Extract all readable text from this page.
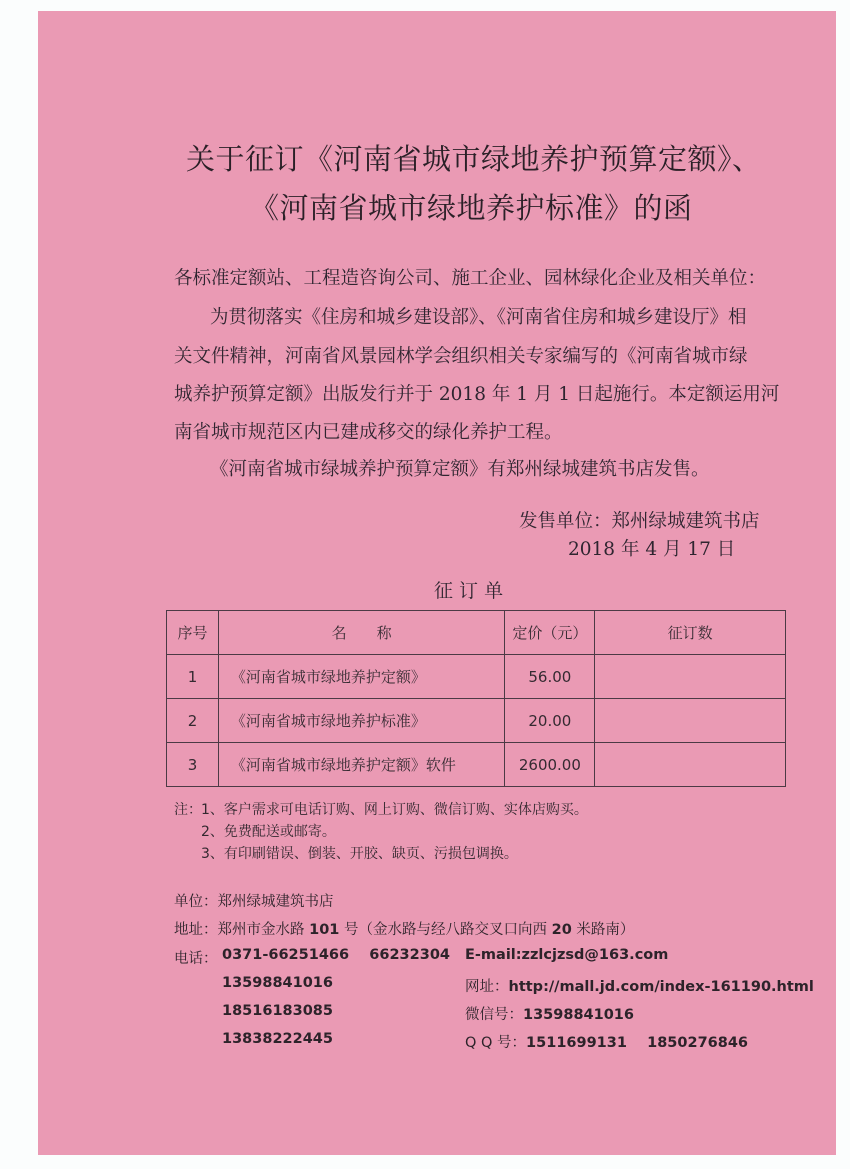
关于征订《河南省城市绿地养护预算定额》、
《河南省城市绿地养护标准》的函
各标准定额站、工程造咨询公司、施工企业、园林绿化企业及相关单位：
为贯彻落实《住房和城乡建设部》、《河南省住房和城乡建设厅》相
关文件精神，河南省风景园林学会组织相关专家编写的《河南省城市绿
城养护预算定额》出版发行并于 2018 年 1 月 1 日起施行。本定额运用河
南省城市规范区内已建成移交的绿化养护工程。
《河南省城市绿城养护预算定额》有郑州绿城建筑书店发售。
发售单位：郑州绿城建筑书店
2018 年 4 月 17 日
征 订 单
序号	名　　称	定价（元）	征订数
1	《河南省城市绿地养护定额》	56.00	
2	《河南省城市绿地养护标准》	20.00	
3	《河南省城市绿地养护定额》软件	2600.00	
注： 1、客户需求可电话订购、网上订购、微信订购、实体店购买。
2、免费配送或邮寄。
3、有印刷错误、倒装、开胶、缺页、污损包调换。
单位：郑州绿城建筑书店
地址：郑州市金水路 101 号（金水路与经八路交叉口向西 20 米路南）
电话： 0371-66251466    66232304
13598841016
18516183085
13838222445
E-mail:zzlcjzsd@163.com
网址：http://mall.jd.com/index-161190.html
微信号：13598841016
Q Q 号：1511699131    1850276846
